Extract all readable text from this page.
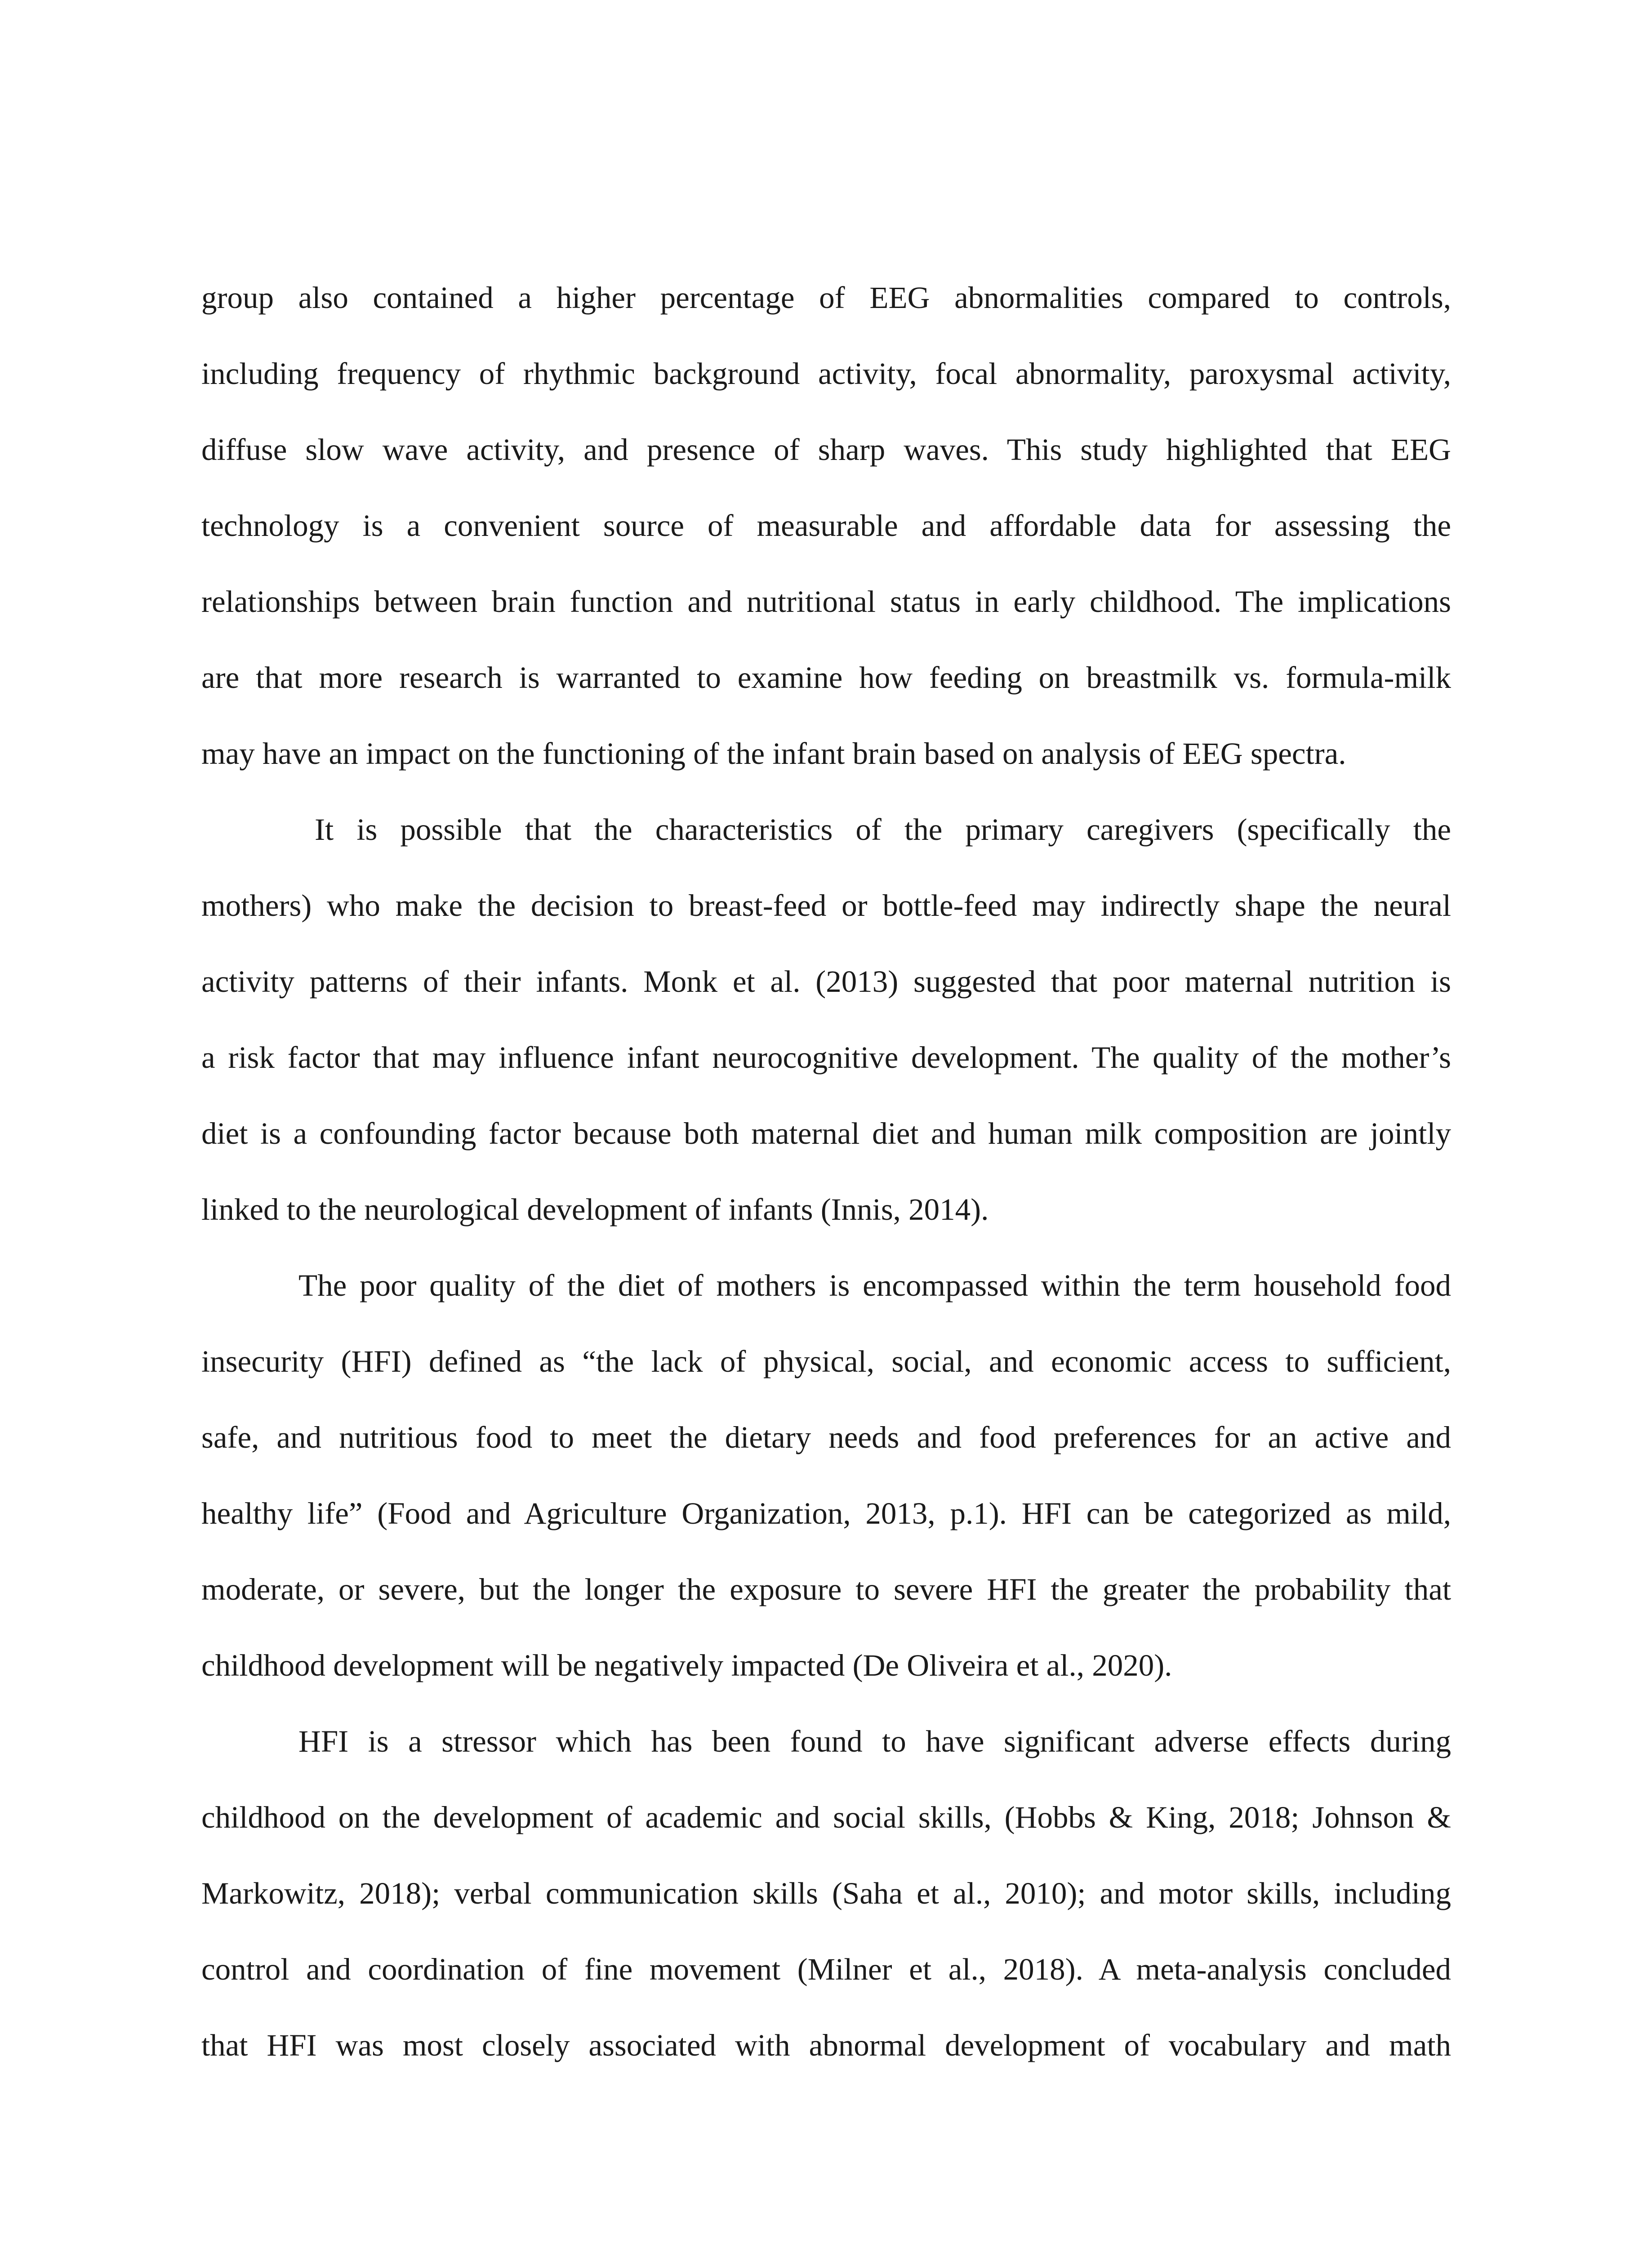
group also contained a higher percentage of EEG abnormalities compared to controls,
including frequency of rhythmic background activity, focal abnormality, paroxysmal activity,
diffuse slow wave activity, and presence of sharp waves. This study highlighted that EEG
technology is a convenient source of measurable and affordable data for assessing the
relationships between brain function and nutritional status in early childhood. The implications
are that more research is warranted to examine how feeding on breastmilk vs. formula-milk
may have an impact on the functioning of the infant brain based on analysis of EEG spectra.
It is possible that the characteristics of the primary caregivers (specifically the
mothers) who make the decision to breast-feed or bottle-feed may indirectly shape the neural
activity patterns of their infants. Monk et al. (2013) suggested that poor maternal nutrition is
a risk factor that may influence infant neurocognitive development. The quality of the mother’s
diet is a confounding factor because both maternal diet and human milk composition are jointly
linked to the neurological development of infants (Innis, 2014).
The poor quality of the diet of mothers is encompassed within the term household food
insecurity (HFI) defined as “the lack of physical, social, and economic access to sufficient,
safe, and nutritious food to meet the dietary needs and food preferences for an active and
healthy life” (Food and Agriculture Organization, 2013, p.1). HFI can be categorized as mild,
moderate, or severe, but the longer the exposure to severe HFI the greater the probability that
childhood development will be negatively impacted (De Oliveira et al., 2020).
HFI is a stressor which has been found to have significant adverse effects during
childhood on the development of academic and social skills, (Hobbs & King, 2018; Johnson &
Markowitz, 2018); verbal communication skills (Saha et al., 2010); and motor skills, including
control and coordination of fine movement (Milner et al., 2018). A meta-analysis concluded
that HFI was most closely associated with abnormal development of vocabulary and math
